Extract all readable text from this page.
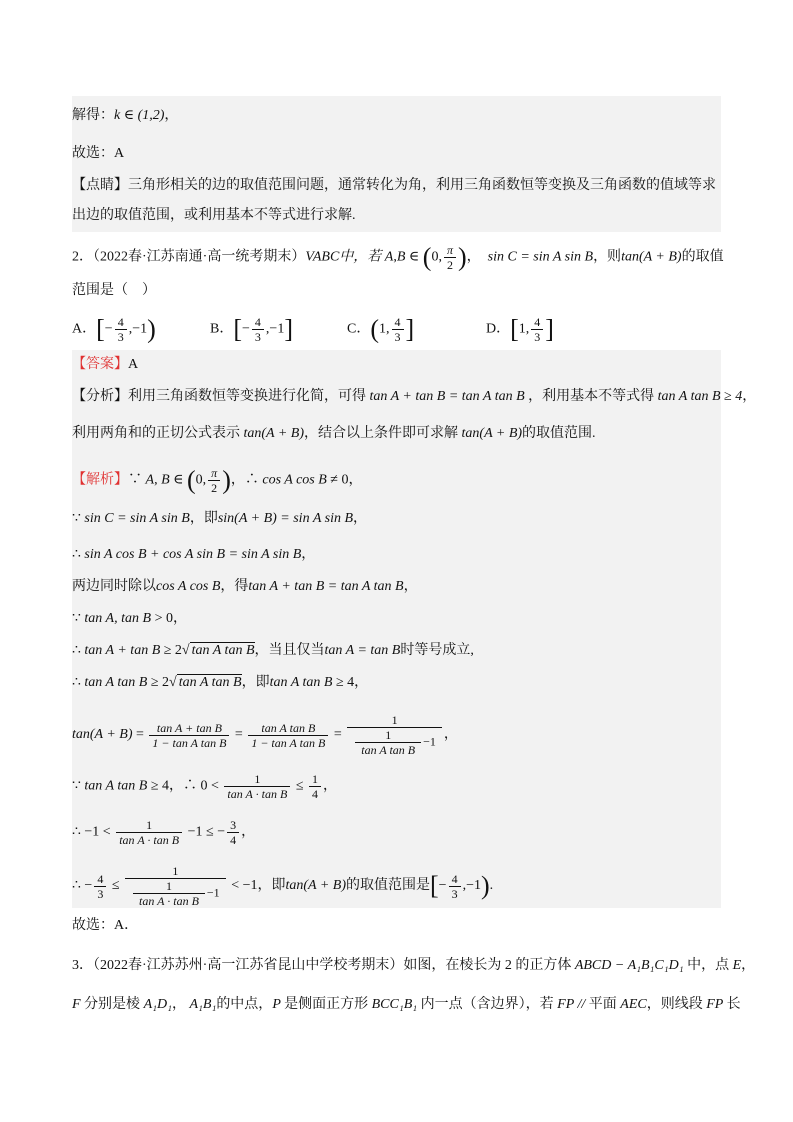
解得：k ∈ (1,2)，
故选：A
【点睛】三角形相关的边的取值范围问题，通常转化为角，利用三角函数恒等变换及三角函数的值域等求
出边的取值范围，或利用基本不等式进行求解.
2．（2022春·江苏南通·高一统考期末）VABC中，若 A,B ∈ (0, $\frac{\pi}{2}$ )，  sin C = sin A sin B，则tan(A + B)的取值
范围是（　）
A．[− $\frac{4}{3} ,-1$)	B．[− $\frac{4}{3} ,-1$]	C．(1, $\frac{4}{3}$ ]	D．[1, $\frac{4}{3}$ ]
【答案】A
【分析】利用三角函数恒等变换进行化简，可得 tan A + tan B = tan A tan B ，利用基本不等式得 tan A tan B ≥ 4，
利用两角和的正切公式表示 tan(A + B)，结合以上条件即可求解 tan(A + B)的取值范围.
【解析】∵ A, B ∈ (0, $\frac{\pi}{2}$ )，∴ cos A cos B ≠ 0，
∵ sin C = sin A sin B，即sin(A + B) = sin A sin B，
∴ sin A cos B + cos A sin B = sin A sin B，
两边同时除以cos A cos B，得tan A + tan B = tan A tan B，
∵ tan A, tan B > 0，
∴ tan A + tan B ≥ 2√ tan A tan B，当且仅当tan A = tan B时等号成立,
∴ tan A tan B ≥ 2√ tan A tan B，即tan A tan B ≥ 4，
$\tan(A + B) = \frac{\text{tan A + tan B}}{\text{1 − tan A tan B}} = \frac{\text{tan A tan B}}{\text{1 − tan A tan B}} = \frac{1}{\frac{1}{\text{tan A tan B}} -1}$ ，
∵ tan A tan B ≥ 4，∴ $0 < \frac{1}{\text{tan A · tan B}} \le \frac{1}{4}$ ，
∴ $-1 < \frac{1}{\text{tan A · tan B}} -1$ ≤ − $\frac{3}{4}$ ，
∴ − $\frac{4}{3} \le \frac{1}{\frac{1}{\text{tan A · tan B}} -1} < -1$，即tan(A + B)的取值范围是[− $\frac{4}{3} ,-1$).
故选：A．
3．（2022春·江苏苏州·高一江苏省昆山中学校考期末）如图，在棱长为 2 的正方体 ABCD − A₁B₁C₁D₁ 中，点 E，
F 分别是棱 A₁D₁， A₁B₁的中点，P 是侧面正方形 BCC₁B₁ 内一点（含边界），若 FP // 平面 AEC，则线段 FP 长
